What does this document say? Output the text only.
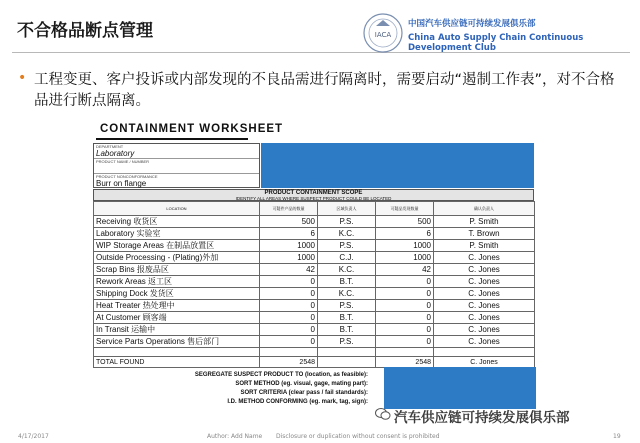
不合格品断点管理	IACA
中国汽车供应链可持续发展俱乐部
China Auto Supply Chain Continuous Development Club
• 工程变更、客户投诉或内部发现的不良品需进行隔离时，需要启动“遏制工作表”，对不合格品进行断点隔离。
CONTAINMENT WORKSHEET
DEPARTMENT
Laboratory
PRODUCT NAME / NUMBER
PRODUCT NONCONFORMANCE
Burr on flange
PRODUCT CONTAINMENT SCOPE
IDENTIFY ALL AREAS WHERE SUSPECT PRODUCT COULD BE LOCATED
LOCATION	可疑件产品的数量	区域负责人	可疑品发现数量	确认负责人
Receiving 收货区	500	P.S.	500	P. Smith
Laboratory 实验室	6	K.C.	6	T. Brown
WIP Storage Areas 在制品放置区	1000	P.S.	1000	P. Smith
Outside Processing - (Plating)外加	1000	C.J.	1000	C. Jones
Scrap Bins 报废品区	42	K.C.	42	C. Jones
Rework Areas 返工区	0	B.T.	0	C. Jones
Shipping Dock 发货区	0	K.C.	0	C. Jones
Heat Treater 热处理中	0	P.S.	0	C. Jones
At Customer 顾客端	0	B.T.	0	C. Jones
In Transit 运输中	0	B.T.	0	C. Jones
Service Parts Operations 售后部门	0	P.S.	0	C. Jones

TOTAL FOUND	2548		2548	C. Jones
SEGREGATE SUSPECT PRODUCT TO (location, as feasible):
SORT METHOD (eg. visual, gage, mating part):
SORT CRITERIA (clear pass / fail standards):
I.D. METHOD CONFORMING (eg. mark, tag, sign):
汽车供应链可持续发展俱乐部
4/17/2017	Author: Add Name Disclosure or duplication without consent is prohibited	19
